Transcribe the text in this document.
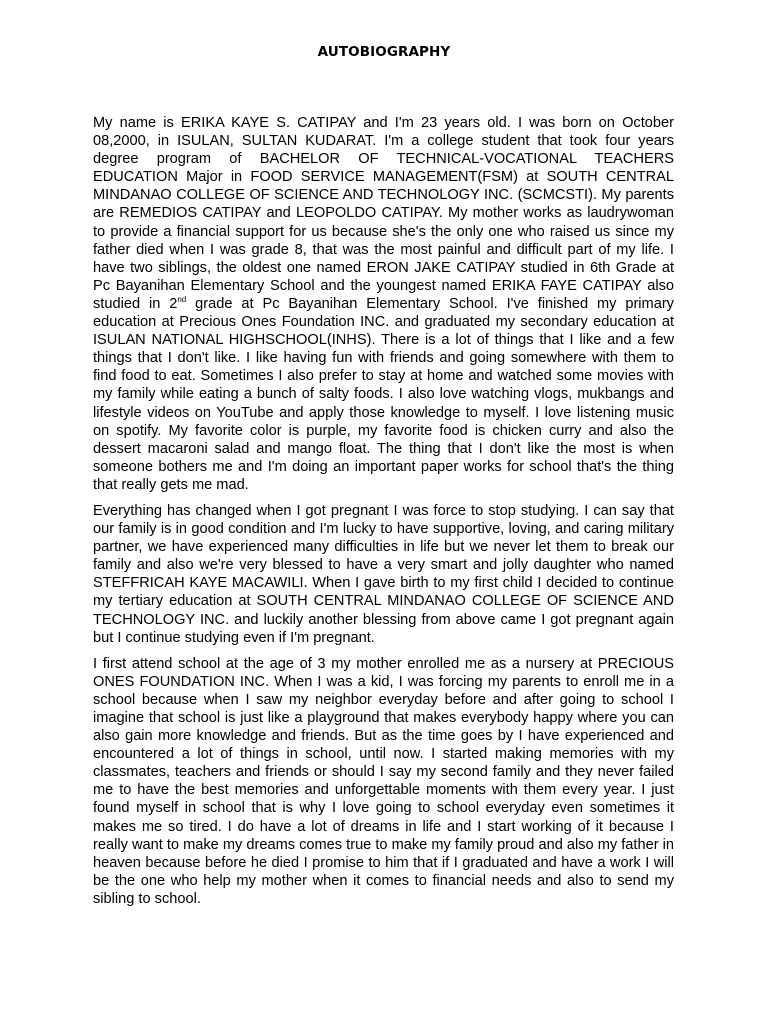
AUTOBIOGRAPHY

My name is ERIKA KAYE S. CATIPAY and I'm 23 years old. I was born on October 08,2000, in ISULAN, SULTAN KUDARAT. I'm a college student that took four years degree program of BACHELOR OF TECHNICAL-VOCATIONAL TEACHERS EDUCATION Major in FOOD SERVICE MANAGEMENT(FSM) at SOUTH CENTRAL MINDANAO COLLEGE OF SCIENCE AND TECHNOLOGY INC. (SCMCSTI). My parents are REMEDIOS CATIPAY and LEOPOLDO CATIPAY. My mother works as laudrywoman to provide a financial support for us because she's the only one who raised us since my father died when I was grade 8, that was the most painful and difficult part of my life. I have two siblings, the oldest one named ERON JAKE CATIPAY studied in 6th Grade at Pc Bayanihan Elementary School and the youngest named ERIKA FAYE CATIPAY also studied in 2nd grade at Pc Bayanihan Elementary School. I've finished my primary education at Precious Ones Foundation INC. and graduated my secondary education at ISULAN NATIONAL HIGHSCHOOL(INHS). There is a lot of things that I like and a few things that I don't like. I like having fun with friends and going somewhere with them to find food to eat. Sometimes I also prefer to stay at home and watched some movies with my family while eating a bunch of salty foods. I also love watching vlogs, mukbangs and lifestyle videos on YouTube and apply those knowledge to myself. I love listening music on spotify. My favorite color is purple, my favorite food is chicken curry and also the dessert macaroni salad and mango float. The thing that I don't like the most is when someone bothers me and I'm doing an important paper works for school that's the thing that really gets me mad.

Everything has changed when I got pregnant I was force to stop studying. I can say that our family is in good condition and I'm lucky to have supportive, loving, and caring military partner, we have experienced many difficulties in life but we never let them to break our family and also we're very blessed to have a very smart and jolly daughter who named STEFFRICAH KAYE MACAWILI. When I gave birth to my first child I decided to continue my tertiary education at SOUTH CENTRAL MINDANAO COLLEGE OF SCIENCE AND TECHNOLOGY INC. and luckily another blessing from above came I got pregnant again but I continue studying even if I'm pregnant.

I first attend school at the age of 3 my mother enrolled me as a nursery at PRECIOUS ONES FOUNDATION INC. When I was a kid, I was forcing my parents to enroll me in a school because when I saw my neighbor everyday before and after going to school I imagine that school is just like a playground that makes everybody happy where you can also gain more knowledge and friends. But as the time goes by I have experienced and encountered a lot of things in school, until now. I started making memories with my classmates, teachers and friends or should I say my second family and they never failed me to have the best memories and unforgettable moments with them every year. I just found myself in school that is why I love going to school everyday even sometimes it makes me so tired. I do have a lot of dreams in life and I start working of it because I really want to make my dreams comes true to make my family proud and also my father in heaven because before he died I promise to him that if I graduated and have a work I will be the one who help my mother when it comes to financial needs and also to send my sibling to school.
